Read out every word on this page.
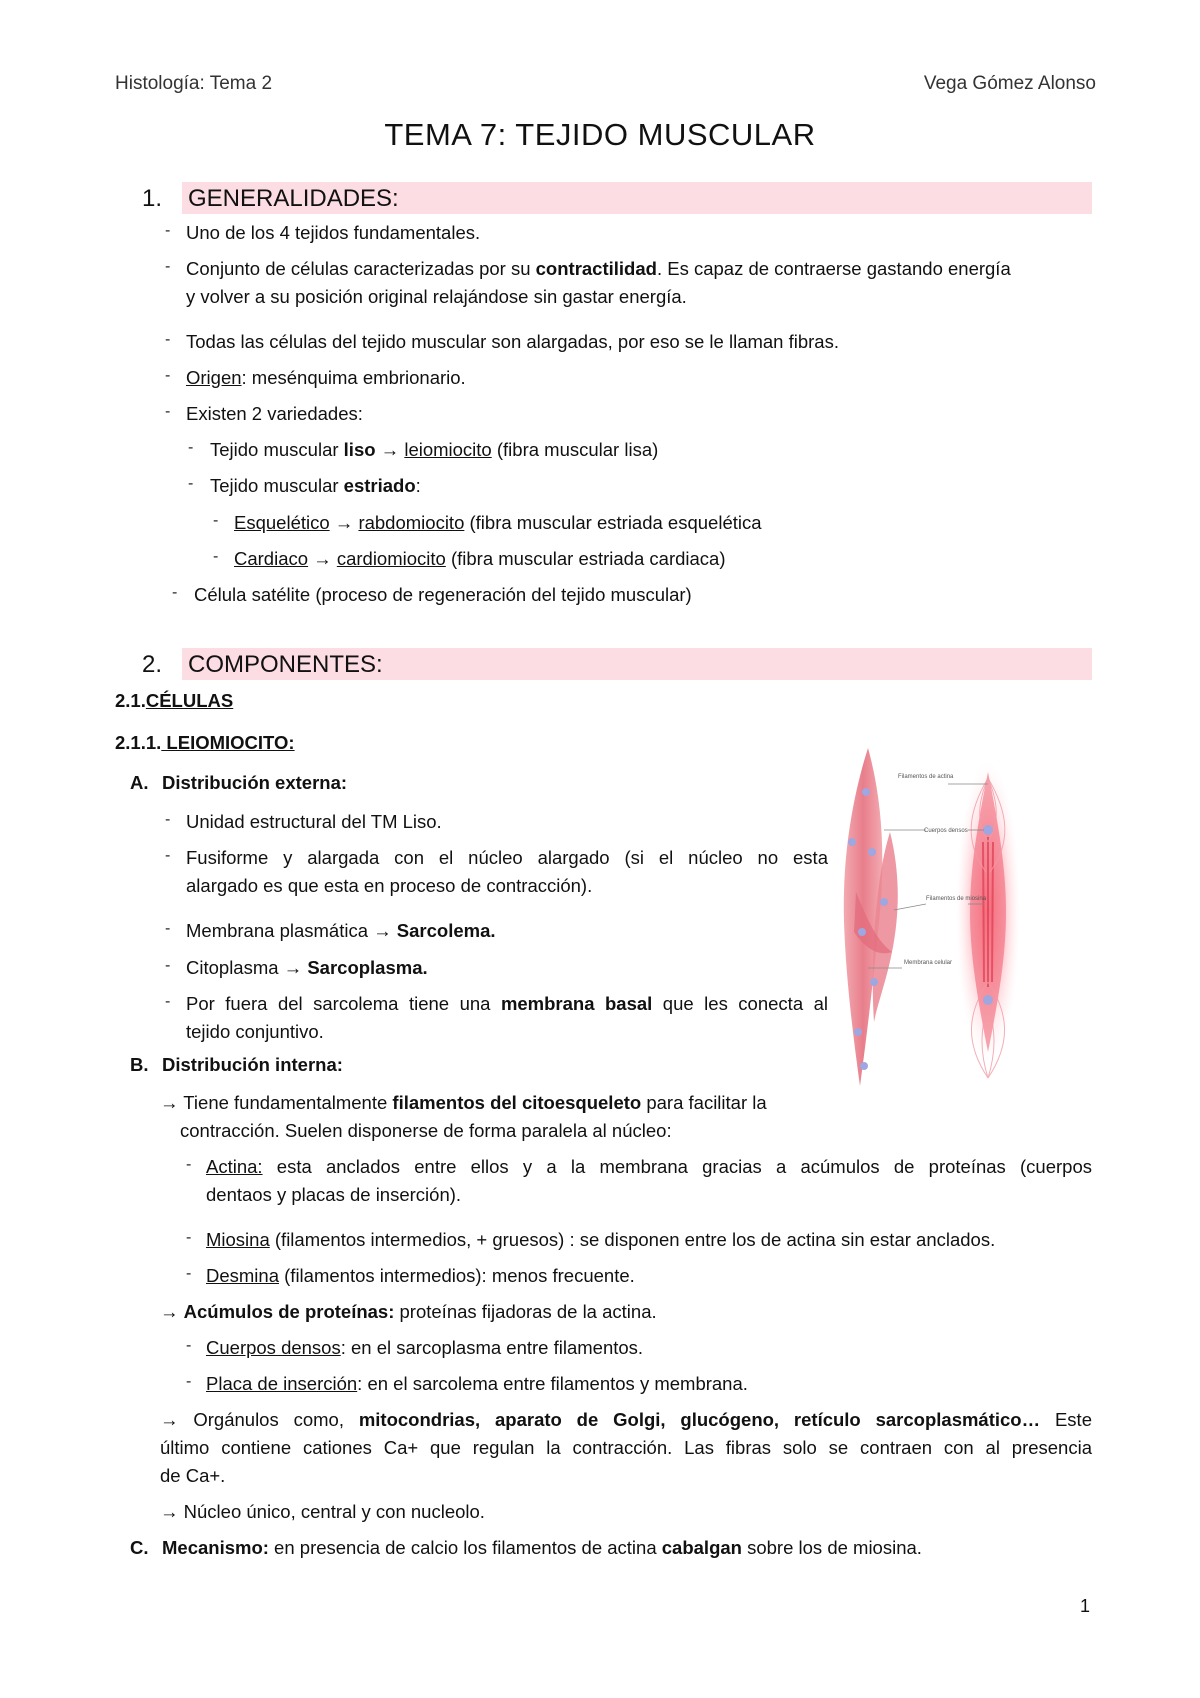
Histología: Tema 2	Vega Gómez Alonso
TEMA 7: TEJIDO MUSCULAR
1. GENERALIDADES:
- Uno de los 4 tejidos fundamentales.
- Conjunto de células caracterizadas por su contractilidad. Es capaz de contraerse gastando energía
y volver a su posición original relajándose sin gastar energía.
- Todas las células del tejido muscular son alargadas, por eso se le llaman fibras.
- Origen: mesénquima embrionario.
- Existen 2 variedades:
- Tejido muscular liso → leiomiocito (fibra muscular lisa)
- Tejido muscular estriado:
- Esquelético → rabdomiocito (fibra muscular estriada esquelética
- Cardiaco → cardiomiocito (fibra muscular estriada cardiaca)
- Célula satélite (proceso de regeneración del tejido muscular)
2. COMPONENTES:
2.1.CÉLULAS
2.1.1. LEIOMIOCITO:
A. Distribución externa:
- Unidad estructural del TM Liso.
- Fusiforme y alargada con el núcleo alargado (si el núcleo no esta
alargado es que esta en proceso de contracción).
- Membrana plasmática → Sarcolema.
- Citoplasma → Sarcoplasma.
- Por fuera del sarcolema tiene una membrana basal que les conecta al
tejido conjuntivo.
B. Distribución interna:
→ Tiene fundamentalmente filamentos del citoesqueleto para facilitar la
contracción. Suelen disponerse de forma paralela al núcleo:
- Actina: esta anclados entre ellos y a la membrana gracias a acúmulos de proteínas (cuerpos
dentaos y placas de inserción).
- Miosina (filamentos intermedios, + gruesos) : se disponen entre los de actina sin estar anclados.
- Desmina (filamentos intermedios): menos frecuente.
→ Acúmulos de proteínas: proteínas fijadoras de la actina.
- Cuerpos densos: en el sarcoplasma entre filamentos.
- Placa de inserción: en el sarcolema entre filamentos y membrana.
→ Orgánulos como, mitocondrias, aparato de Golgi, glucógeno, retículo sarcoplasmático… Este
último contiene cationes Ca+ que regulan la contracción. Las fibras solo se contraen con al presencia
de Ca+.
→ Núcleo único, central y con nucleolo.
C. Mecanismo: en presencia de calcio los filamentos de actina cabalgan sobre los de miosina.
Filamentos de actina
Cuerpos densos
Filamentos de miosina
Membrana celular
1
